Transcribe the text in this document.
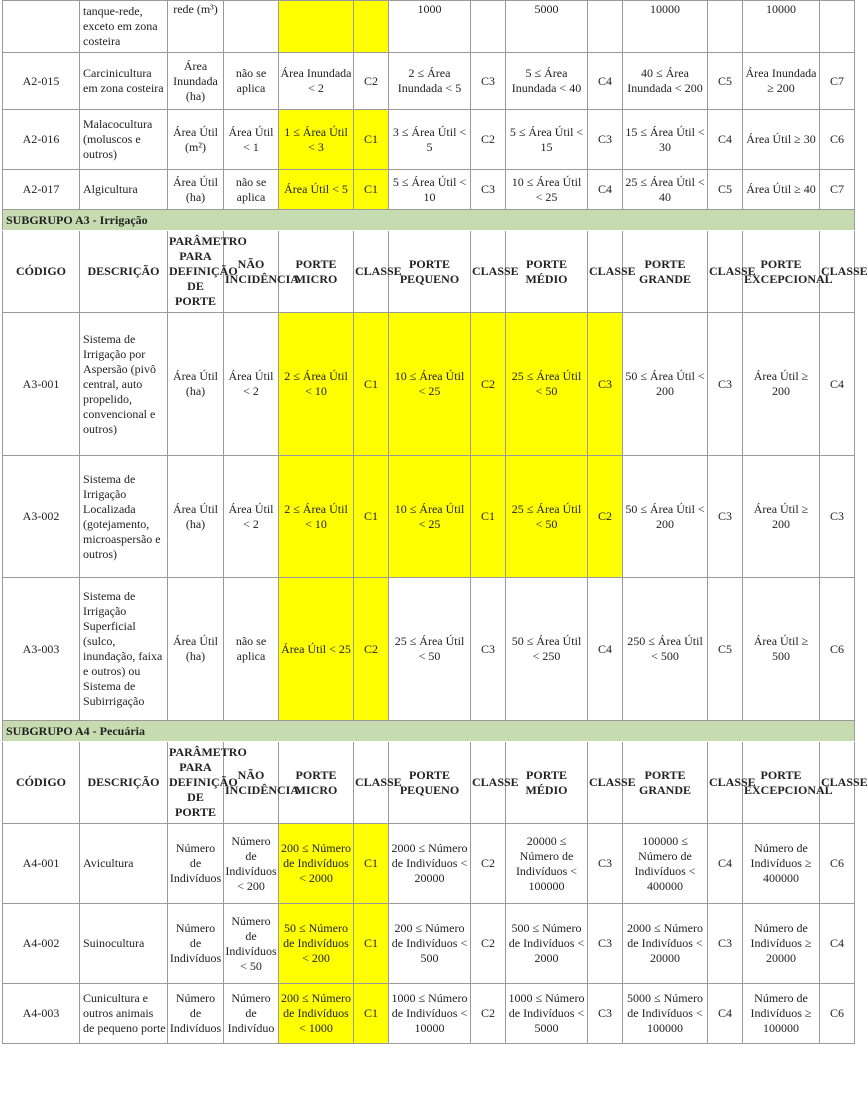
	tanque-rede, exceto em zona costeira	rede (m³)				1000		5000		10000		10000	
A2-015	Carcinicultura em zona costeira	Área Inundada (ha)	não se aplica	Área Inundada < 2	C2	2 ≤ Área Inundada < 5	C3	5 ≤ Área Inundada < 40	C4	40 ≤ Área Inundada < 200	C5	Área Inundada ≥ 200	C7
A2-016	Malacocultura (moluscos e outros)	Área Útil (m²)	Área Útil < 1	1 ≤ Área Útil < 3	C1	3 ≤ Área Útil < 5	C2	5 ≤ Área Útil < 15	C3	15 ≤ Área Útil < 30	C4	Área Útil ≥ 30	C6
A2-017	Algicultura	Área Útil (ha)	não se aplica	Área Útil < 5	C1	5 ≤ Área Útil < 10	C3	10 ≤ Área Útil < 25	C4	25 ≤ Área Útil < 40	C5	Área Útil ≥ 40	C7
SUBGRUPO A3 - Irrigação													
CÓDIGO	DESCRIÇÃO	PARÂMETRO PARA DEFINIÇÃO DE PORTE	NÃO INCIDÊNCIA	PORTE MICRO	CLASSE	PORTE PEQUENO	CLASSE	PORTE MÉDIO	CLASSE	PORTE GRANDE	CLASSE	PORTE EXCEPCIONAL	CLASSE
A3-001	Sistema de Irrigação por Aspersão (pivô central, auto propelido, convencional e outros)	Área Útil (ha)	Área Útil < 2	2 ≤ Área Útil < 10	C1	10 ≤ Área Útil < 25	C2	25 ≤ Área Útil < 50	C3	50 ≤ Área Útil < 200	C3	Área Útil ≥ 200	C4
A3-002	Sistema de Irrigação Localizada (gotejamento, microaspersão e outros)	Área Útil (ha)	Área Útil < 2	2 ≤ Área Útil < 10	C1	10 ≤ Área Útil < 25	C1	25 ≤ Área Útil < 50	C2	50 ≤ Área Útil < 200	C3	Área Útil ≥ 200	C3
A3-003	Sistema de Irrigação Superficial (sulco, inundação, faixa e outros) ou Sistema de Subirrigação	Área Útil (ha)	não se aplica	Área Útil < 25	C2	25 ≤ Área Útil < 50	C3	50 ≤ Área Útil < 250	C4	250 ≤ Área Útil < 500	C5	Área Útil ≥ 500	C6
SUBGRUPO A4 - Pecuária													
CÓDIGO	DESCRIÇÃO	PARÂMETRO PARA DEFINIÇÃO DE PORTE	NÃO INCIDÊNCIA	PORTE MICRO	CLASSE	PORTE PEQUENO	CLASSE	PORTE MÉDIO	CLASSE	PORTE GRANDE	CLASSE	PORTE EXCEPCIONAL	CLASSE
A4-001	Avicultura	Número de Indivíduos	Número de Indivíduos < 200	200 ≤ Número de Indivíduos < 2000	C1	2000 ≤ Número de Indivíduos < 20000	C2	20000 ≤ Número de Indivíduos < 100000	C3	100000 ≤ Número de Indivíduos < 400000	C4	Número de Indivíduos ≥ 400000	C6
A4-002	Suinocultura	Número de Indivíduos	Número de Indivíduos < 50	50 ≤ Número de Indivíduos < 200	C1	200 ≤ Número de Indivíduos < 500	C2	500 ≤ Número de Indivíduos < 2000	C3	2000 ≤ Número de Indivíduos < 20000	C3	Número de Indivíduos ≥ 20000	C4
A4-003	Cunicultura e outros animais de pequeno porte	Número de Indivíduos	Número de Indivíduo	200 ≤ Número de Indivíduos < 1000	C1	1000 ≤ Número de Indivíduos < 10000	C2	1000 ≤ Número de Indivíduos < 5000	C3	5000 ≤ Número de Indivíduos < 100000	C4	Número de Indivíduos ≥ 100000	C6
